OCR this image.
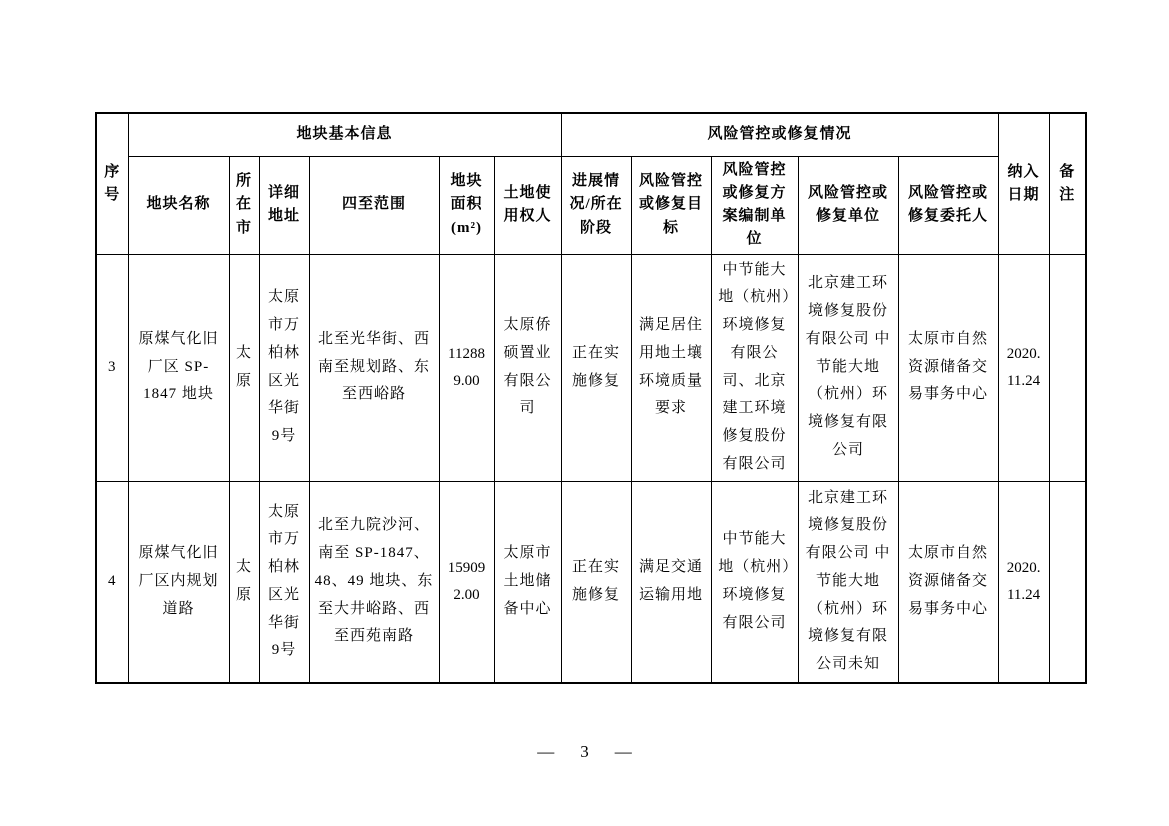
序号	地块基本信息						风险管控或修复情况					纳入日期	备注
	地块名称	所在市	详细地址	四至范围	地块面积(m²)	土地使用权人	进展情况/所在阶段	风险管控或修复目标	风险管控或修复方案编制单位	风险管控或修复单位	风险管控或修复委托人		
3	原煤气化旧厂区 SP-1847 地块	太原	太原市万柏林区光华街9号	北至光华街、西南至规划路、东至西峪路	112889.00	太原侨硕置业有限公司	正在实施修复	满足居住用地土壤环境质量要求	中节能大地（杭州）环境修复有限公司、北京建工环境修复股份有限公司	北京建工环境修复股份有限公司 中节能大地（杭州）环境修复有限公司	太原市自然资源储备交易事务中心	2020.11.24	
4	原煤气化旧厂区内规划道路	太原	太原市万柏林区光华街9号	北至九院沙河、南至 SP-1847、 48、49 地块、东 至大井峪路、西至西苑南路	159092.00	太原市土地储备中心	正在实施修复	满足交通运输用地	中节能大地（杭州）环境修复有限公司	北京建工环境修复股份有限公司 中节能大地（杭州）环境修复有限公司未知	太原市自然资源储备交易事务中心	2020.11.24	
— 3 —
